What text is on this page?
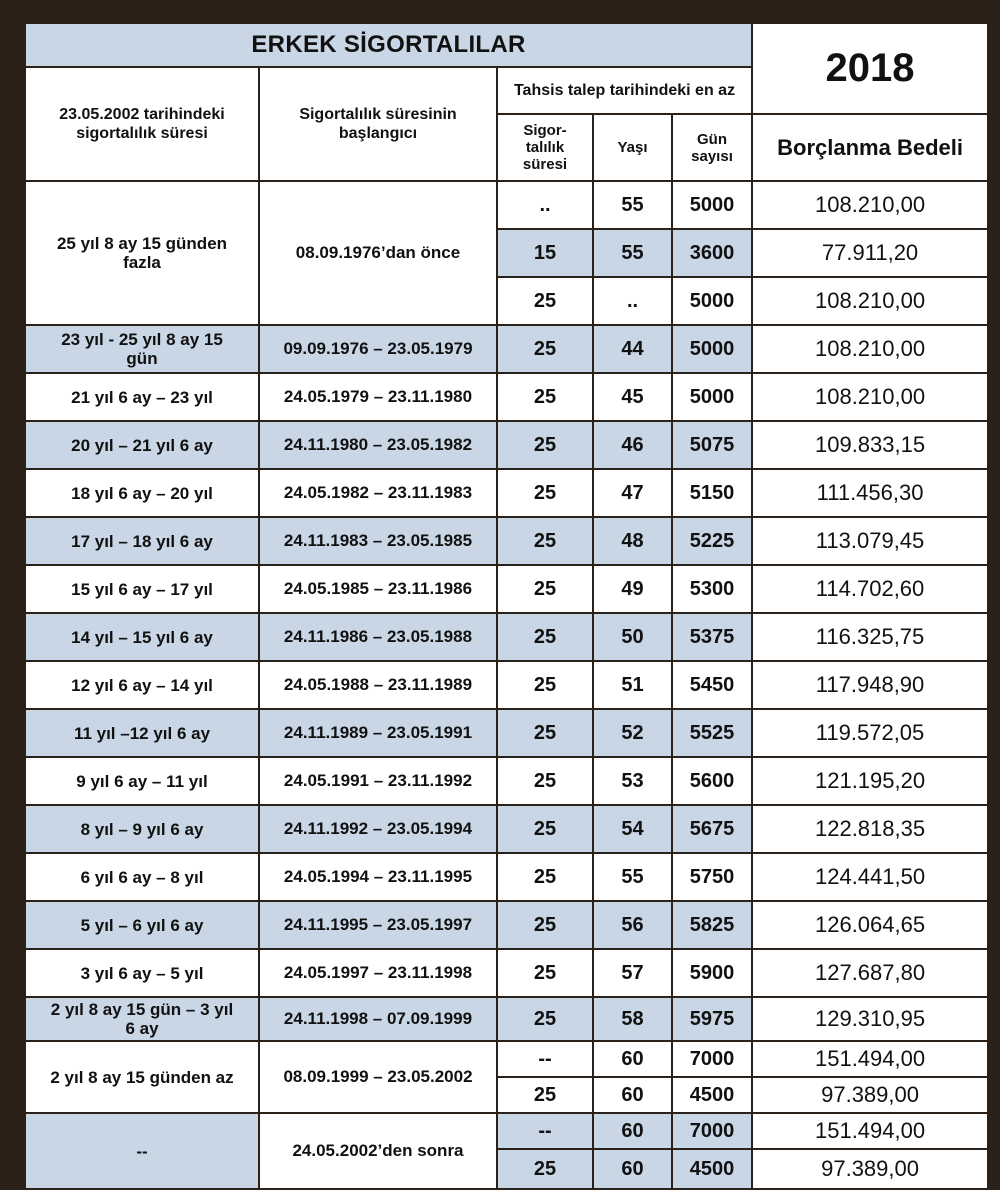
ERKEK SİGORTALILAR					2018
23.05.2002 tarihindeki sigortalılık süresi	Sigortalılık süresinin başlangıcı	Tahsis talep tarihindeki en az			
		Sigor- talılık süresi	Yaşı	Gün sayısı	Borçlanma Bedeli
25 yıl 8 ay 15 günden fazla	08.09.1976’dan önce	..	55	5000	108.210,00
		15	55	3600	77.911,20
		25	..	5000	108.210,00
23 yıl - 25 yıl 8 ay 15 gün	09.09.1976 – 23.05.1979	25	44	5000	108.210,00
21 yıl 6 ay – 23 yıl	24.05.1979 – 23.11.1980	25	45	5000	108.210,00
20 yıl – 21 yıl 6 ay	24.11.1980 – 23.05.1982	25	46	5075	109.833,15
18 yıl 6 ay – 20 yıl	24.05.1982 – 23.11.1983	25	47	5150	111.456,30
17 yıl – 18 yıl 6 ay	24.11.1983 – 23.05.1985	25	48	5225	113.079,45
15 yıl 6 ay – 17 yıl	24.05.1985 – 23.11.1986	25	49	5300	114.702,60
14 yıl – 15 yıl 6 ay	24.11.1986 – 23.05.1988	25	50	5375	116.325,75
12 yıl 6 ay – 14 yıl	24.05.1988 – 23.11.1989	25	51	5450	117.948,90
11 yıl –12 yıl 6 ay	24.11.1989 – 23.05.1991	25	52	5525	119.572,05
9 yıl 6 ay – 11 yıl	24.05.1991 – 23.11.1992	25	53	5600	121.195,20
8 yıl – 9 yıl 6 ay	24.11.1992 – 23.05.1994	25	54	5675	122.818,35
6 yıl 6 ay – 8 yıl	24.05.1994 – 23.11.1995	25	55	5750	124.441,50
5 yıl – 6 yıl 6 ay	24.11.1995 – 23.05.1997	25	56	5825	126.064,65
3 yıl 6 ay – 5 yıl	24.05.1997 – 23.11.1998	25	57	5900	127.687,80
2 yıl 8 ay 15 gün – 3 yıl 6 ay	24.11.1998 – 07.09.1999	25	58	5975	129.310,95
2 yıl 8 ay 15 günden az	08.09.1999 – 23.05.2002	--	60	7000	151.494,00
		25	60	4500	97.389,00
--	24.05.2002’den sonra	--	60	7000	151.494,00
		25	60	4500	97.389,00
